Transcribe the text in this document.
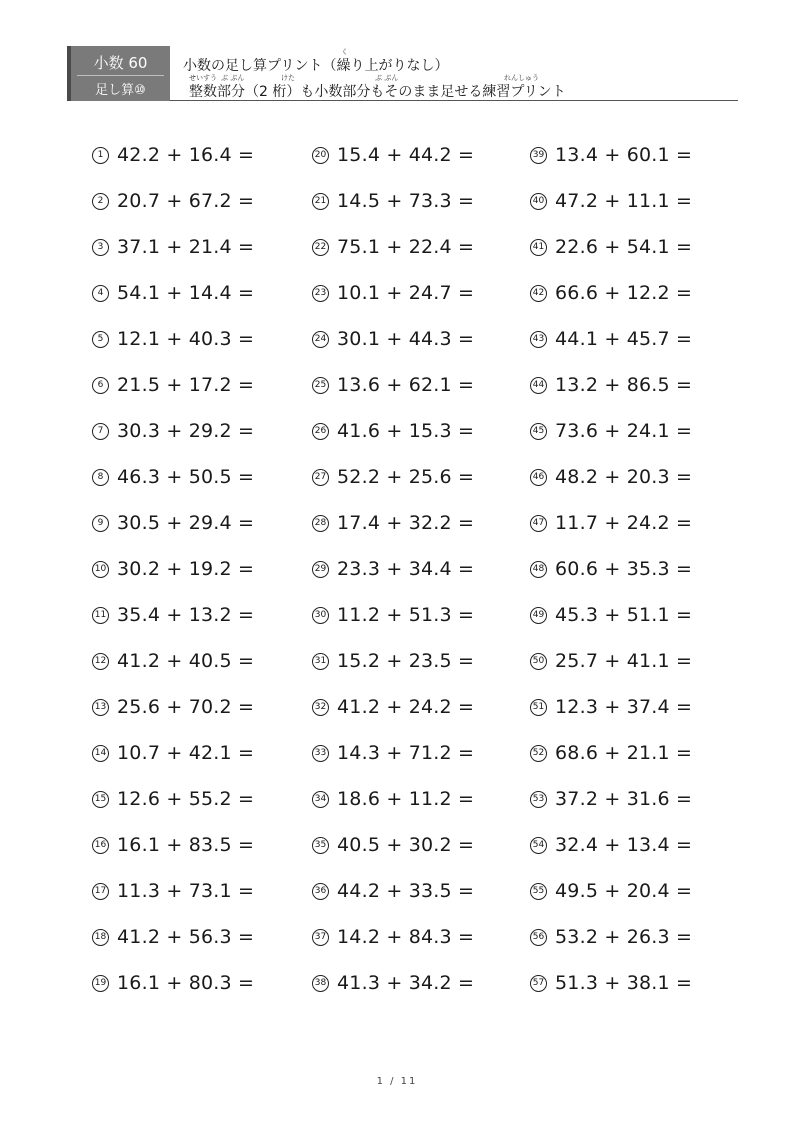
小数 60
足し算⑩
く
小数の足し算プリント（繰り上がりなし）
せいすう ぶ ぶん	けた	ぶ ぶん	れんしゅう
整数部分（2 桁）も小数部分もそのまま足せる練習プリント
1 42.2 + 16.4 =
2 20.7 + 67.2 =
3 37.1 + 21.4 =
4 54.1 + 14.4 =
5 12.1 + 40.3 =
6 21.5 + 17.2 =
7 30.3 + 29.2 =
8 46.3 + 50.5 =
9 30.5 + 29.4 =
10 30.2 + 19.2 =
11 35.4 + 13.2 =
12 41.2 + 40.5 =
13 25.6 + 70.2 =
14 10.7 + 42.1 =
15 12.6 + 55.2 =
16 16.1 + 83.5 =
17 11.3 + 73.1 =
18 41.2 + 56.3 =
19 16.1 + 80.3 =
20 15.4 + 44.2 =
21 14.5 + 73.3 =
22 75.1 + 22.4 =
23 10.1 + 24.7 =
24 30.1 + 44.3 =
25 13.6 + 62.1 =
26 41.6 + 15.3 =
27 52.2 + 25.6 =
28 17.4 + 32.2 =
29 23.3 + 34.4 =
30 11.2 + 51.3 =
31 15.2 + 23.5 =
32 41.2 + 24.2 =
33 14.3 + 71.2 =
34 18.6 + 11.2 =
35 40.5 + 30.2 =
36 44.2 + 33.5 =
37 14.2 + 84.3 =
38 41.3 + 34.2 =
39 13.4 + 60.1 =
40 47.2 + 11.1 =
41 22.6 + 54.1 =
42 66.6 + 12.2 =
43 44.1 + 45.7 =
44 13.2 + 86.5 =
45 73.6 + 24.1 =
46 48.2 + 20.3 =
47 11.7 + 24.2 =
48 60.6 + 35.3 =
49 45.3 + 51.1 =
50 25.7 + 41.1 =
51 12.3 + 37.4 =
52 68.6 + 21.1 =
53 37.2 + 31.6 =
54 32.4 + 13.4 =
55 49.5 + 20.4 =
56 53.2 + 26.3 =
57 51.3 + 38.1 =
1 / 11
